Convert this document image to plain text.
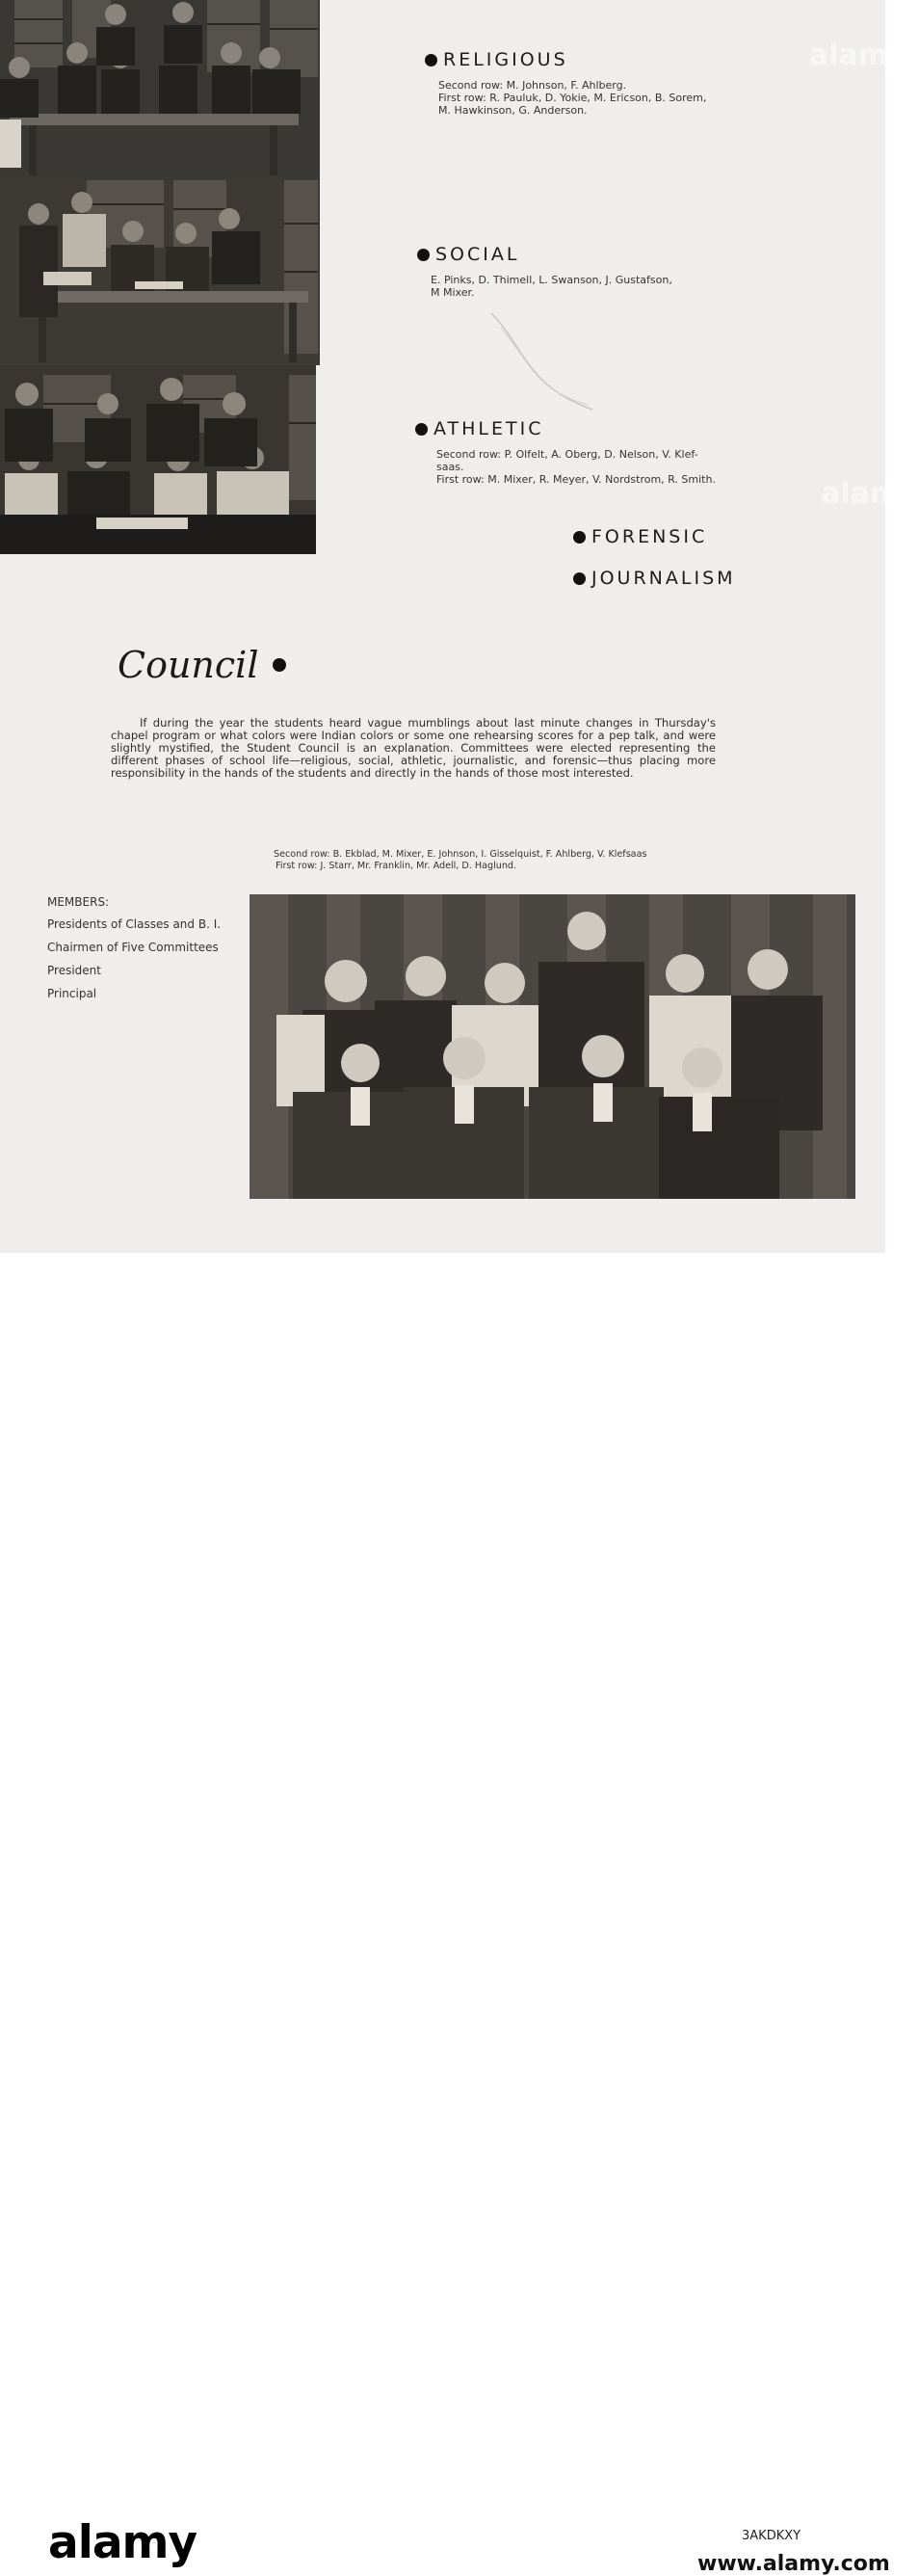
RELIGIOUS
Second row: M. Johnson, F. Ahlberg.
First row: R. Pauluk, D. Yokie, M. Ericson, B. Sorem,
M. Hawkinson, G. Anderson.
SOCIAL
E. Pinks, D. Thimell, L. Swanson, J. Gustafson,
M Mixer.
ATHLETIC
Second row: P. Olfelt, A. Oberg, D. Nelson, V. Klef-
saas.
First row: M. Mixer, R. Meyer, V. Nordstrom, R. Smith.
FORENSIC
JOURNALISM
Council
If during the year the students heard vague mumblings about last minute changes in Thursday's chapel program or what colors were Indian colors or some one rehearsing scores for a pep talk, and were slightly mystified, the Student Council is an explanation. Committees were elected representing the different phases of school life—religious, social, athletic, journalistic, and forensic—thus placing more responsibility in the hands of the students and directly in the hands of those most interested.
Second row: B. Ekblad, M. Mixer, E. Johnson, I. Gisselquist, F. Ahlberg, V. Klefsaas
First row: J. Starr, Mr. Franklin, Mr. Adell, D. Haglund.
MEMBERS:
Presidents of Classes and B. I.
Chairmen of Five Committees
President
Principal
alamy
alamy
alamy	3AKDKXY
www.alamy.com
